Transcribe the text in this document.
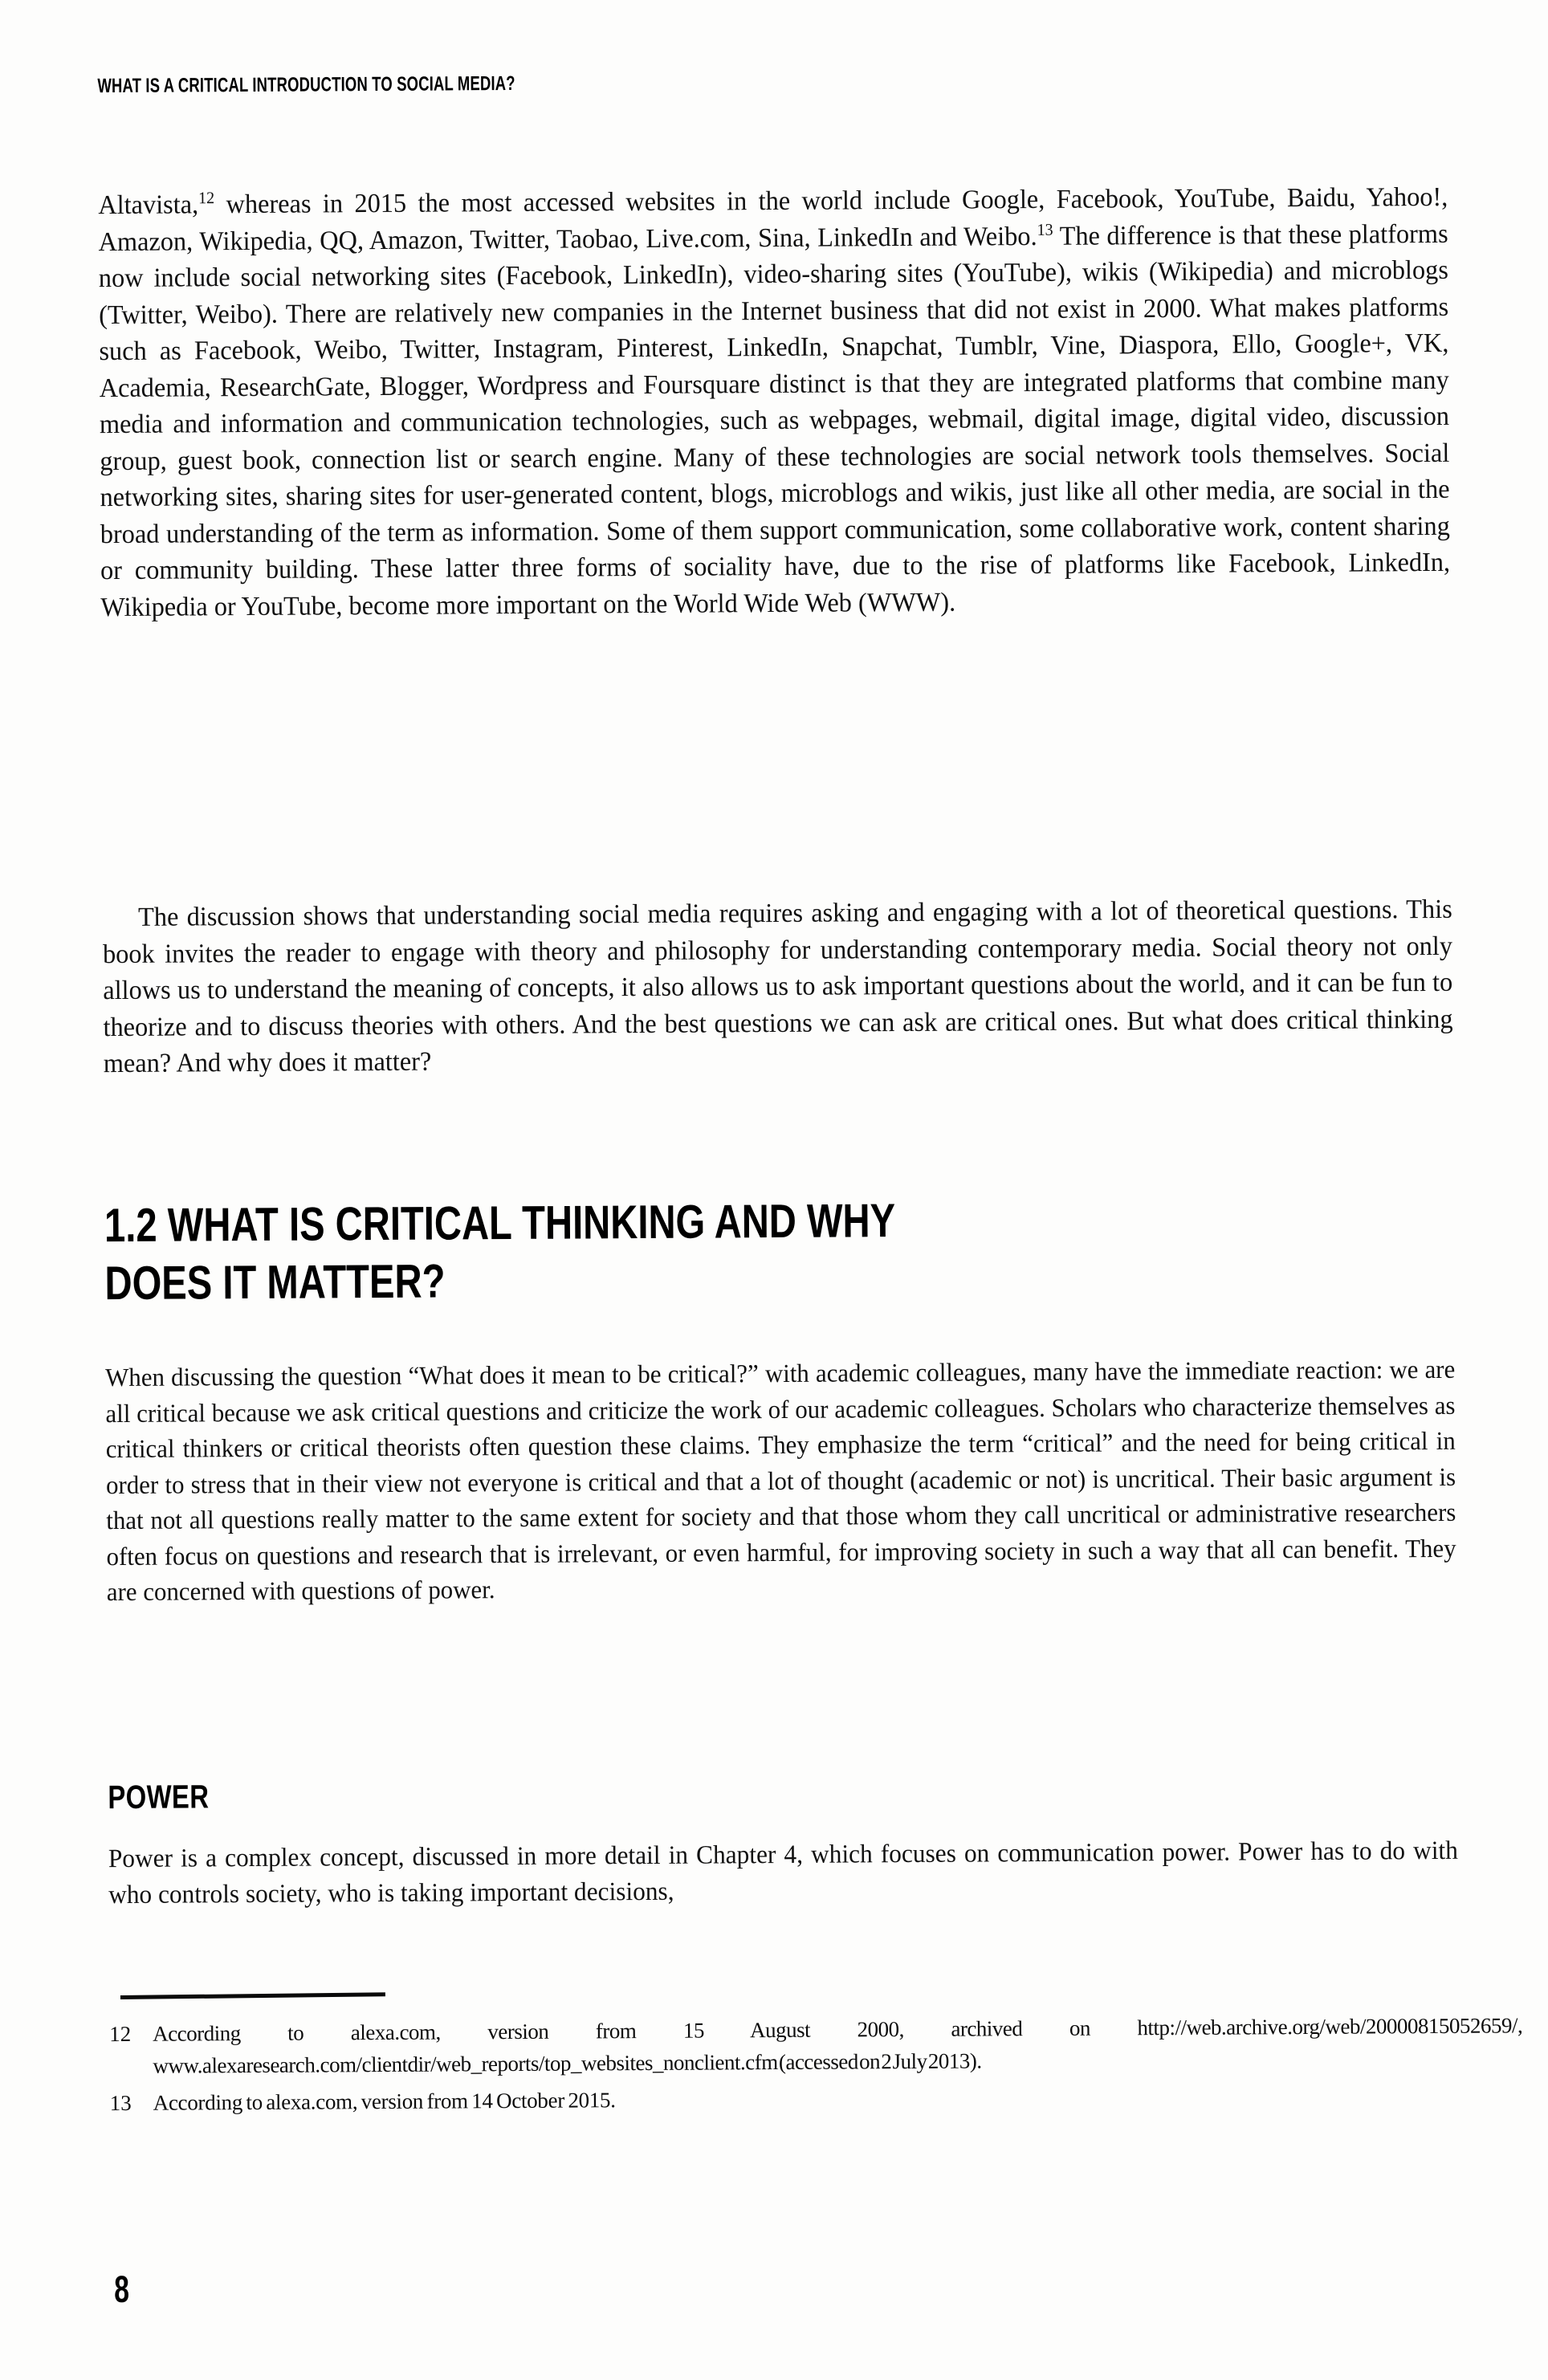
WHAT IS A CRITICAL INTRODUCTION TO SOCIAL MEDIA?

Altavista,$^{12}$ whereas in 2015 the most accessed websites in the world include Google, Facebook, YouTube, Baidu, Yahoo!, Amazon, Wikipedia, QQ, Amazon, Twitter, Taobao, Live.com, Sina, LinkedIn and Weibo.$^{13}$ The difference is that these platforms now include social networking sites (Facebook, LinkedIn), video-sharing sites (YouTube), wikis (Wikipedia) and microblogs (Twitter, Weibo). There are relatively new companies in the Internet business that did not exist in 2000. What makes platforms such as Facebook, Weibo, Twitter, Instagram, Pinterest, LinkedIn, Snapchat, Tumblr, Vine, Diaspora, Ello, Google+, VK, Academia, ResearchGate, Blogger, Wordpress and Foursquare distinct is that they are integrated platforms that combine many media and information and communication technologies, such as webpages, webmail, digital image, digital video, discussion group, guest book, connection list or search engine. Many of these technologies are social network tools themselves. Social networking sites, sharing sites for user-generated content, blogs, microblogs and wikis, just like all other media, are social in the broad understanding of the term as information. Some of them support communication, some collaborative work, content sharing or community building. These latter three forms of sociality have, due to the rise of platforms like Facebook, LinkedIn, Wikipedia or YouTube, become more important on the World Wide Web (WWW).

The discussion shows that understanding social media requires asking and engaging with a lot of theoretical questions. This book invites the reader to engage with theory and philosophy for understanding contemporary media. Social theory not only allows us to understand the meaning of concepts, it also allows us to ask important questions about the world, and it can be fun to theorize and to discuss theories with others. And the best questions we can ask are critical ones. But what does critical thinking mean? And why does it matter?

1.2 WHAT IS CRITICAL THINKING AND WHY
DOES IT MATTER?

When discussing the question “What does it mean to be critical?” with academic colleagues, many have the immediate reaction: we are all critical because we ask critical questions and criticize the work of our academic colleagues. Scholars who characterize themselves as critical thinkers or critical theorists often question these claims. They emphasize the term “critical” and the need for being critical in order to stress that in their view not everyone is critical and that a lot of thought (academic or not) is uncritical. Their basic argument is that not all questions really matter to the same extent for society and that those whom they call uncritical or administrative researchers often focus on questions and research that is irrelevant, or even harmful, for improving society in such a way that all can benefit. They are concerned with questions of power.

POWER

Power is a complex concept, discussed in more detail in Chapter 4, which focuses on communication power. Power has to do with who controls society, who is taking important decisions,

12 According to alexa.com, version from 15 August 2000, archived on http://web.archive.org/web/20000815052659/, www.alexaresearch.com/clientdir/web_reports/top_websites_nonclient.cfm (accessed on 2 July 2013).
13 According to alexa.com, version from 14 October 2015.
8
